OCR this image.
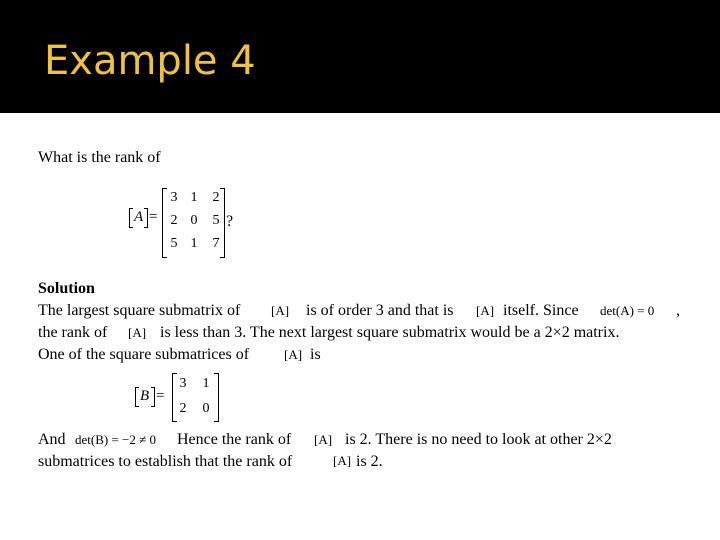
Example 4
What is the rank of
A =
3 1 2
2 0 5
5 1 7
?
Solution
The largest square submatrix of [A] is of order 3 and that is [A] itself. Since det(A) = 0 ,
the rank of [A] is less than 3. The next largest square submatrix would be a 2×2 matrix.
One of the square submatrices of	[A] is
B =
3 1
2 0
And det(B) = −2 ≠ 0 Hence the rank of [A] is 2. There is no need to look at other 2×2
submatrices to establish that the rank of	[A] is 2.
